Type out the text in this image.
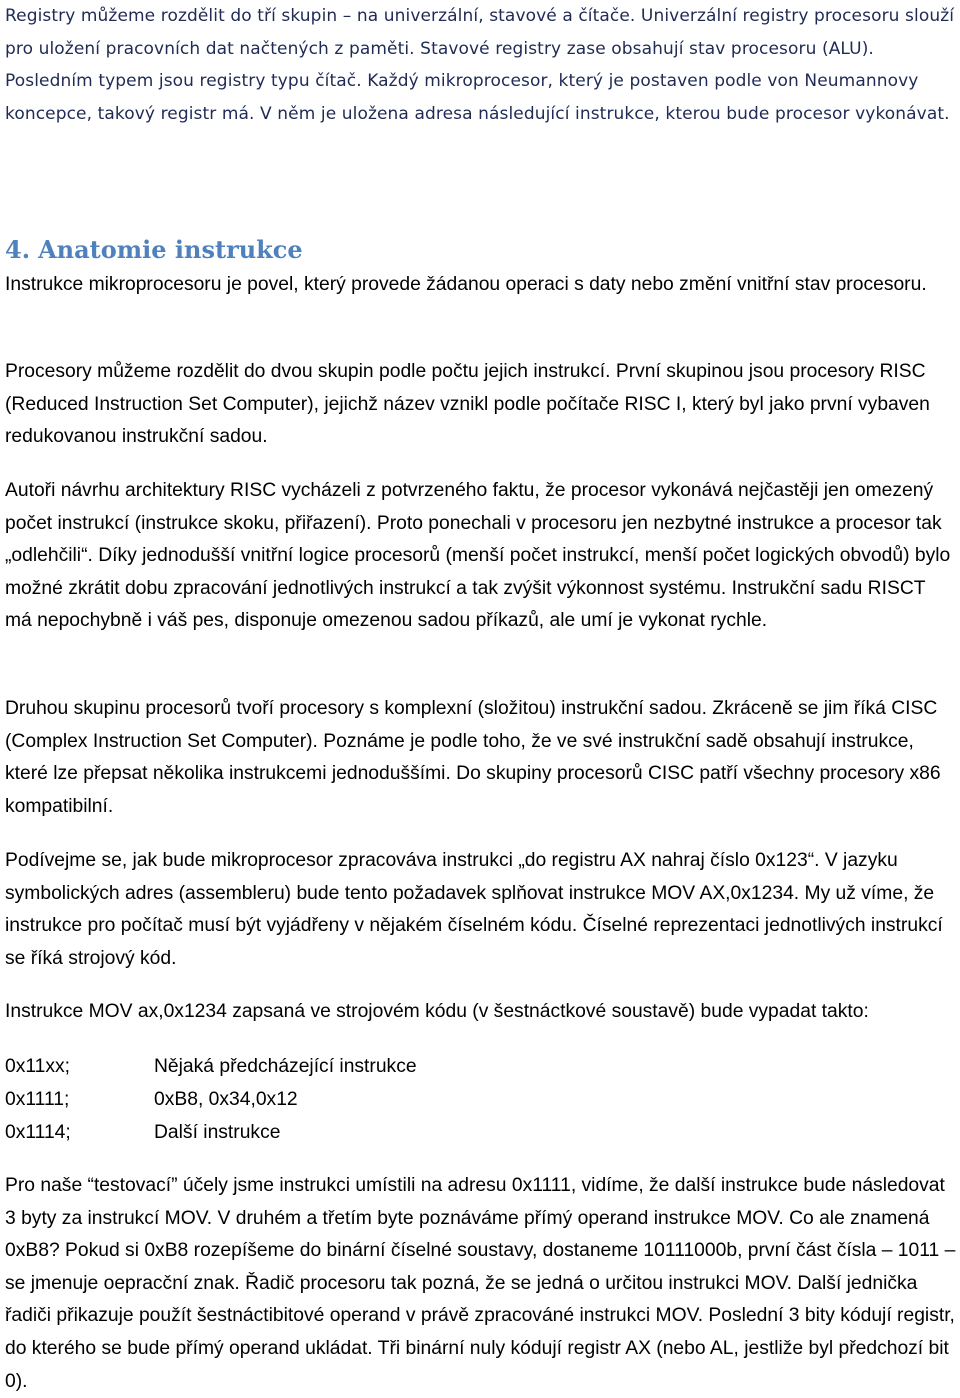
Registry můžeme rozdělit do tří skupin – na univerzální, stavové a čítače. Univerzální registry procesoru slouží pro uložení pracovních dat načtených z paměti. Stavové registry zase obsahují stav procesoru (ALU). Posledním typem jsou registry typu čítač. Každý mikroprocesor, který je postaven podle von Neumannovy koncepce, takový registr má. V něm je uložena adresa následující instrukce, kterou bude procesor vykonávat.

4. Anatomie instrukce

Instrukce mikroprocesoru je povel, který provede žádanou operaci s daty nebo změní vnitřní stav procesoru.

Procesory můžeme rozdělit do dvou skupin podle počtu jejich instrukcí. První skupinou jsou procesory RISC (Reduced Instruction Set Computer), jejichž název vznikl podle počítače RISC I, který byl jako první vybaven redukovanou instrukční sadou.

Autoři návrhu architektury RISC vycházeli z potvrzeného faktu, že procesor vykonává nejčastěji jen omezený počet instrukcí (instrukce skoku, přiřazení). Proto ponechali v procesoru jen nezbytné instrukce a procesor tak „odlehčili“. Díky jednodušší vnitřní logice procesorů (menší počet instrukcí, menší počet logických obvodů) bylo možné zkrátit dobu zpracování jednotlivých instrukcí a tak zvýšit výkonnost systému. Instrukční sadu RISCT má nepochybně i váš pes, disponuje omezenou sadou příkazů, ale umí je vykonat rychle.

Druhou skupinu procesorů tvoří procesory s komplexní (složitou) instrukční sadou. Zkráceně se jim říká CISC (Complex Instruction Set Computer). Poznáme je podle toho, že ve své instrukční sadě obsahují instrukce, které lze přepsat několika instrukcemi jednoduššími. Do skupiny procesorů CISC patří všechny procesory x86 kompatibilní.

Podívejme se, jak bude mikroprocesor zpracováva instrukci „do registru AX nahraj číslo 0x123“. V jazyku symbolických adres (assembleru) bude tento požadavek splňovat instrukce MOV AX,0x1234. My už víme, že instrukce pro počítač musí být vyjádřeny v nějakém číselném kódu. Číselné reprezentaci jednotlivých instrukcí se říká strojový kód.

Instrukce MOV ax,0x1234 zapsaná ve strojovém kódu (v šestnáctkové soustavě) bude vypadat takto:

0x11xx;	Nějaká předcházející instrukce
0x1111;	0xB8, 0x34,0x12
0x1114;	Další instrukce

Pro naše “testovací” účely jsme instrukci umístili na adresu 0x1111, vidíme, že další instrukce bude následovat 3 byty za instrukcí MOV. V druhém a třetím byte poznáváme přímý operand instrukce MOV. Co ale znamená 0xB8? Pokud si 0xB8 rozepíšeme do binární číselné soustavy, dostaneme 10111000b, první část čísla – 1011 – se jmenuje oepracční znak. Řadič procesoru tak pozná, že se jedná o určitou instrukci MOV. Další jednička řadiči přikazuje použít šestnáctibitové operand v právě zpracováné instrukci MOV. Poslední 3 bity kódují registr, do kterého se bude přímý operand ukládat. Tři binární nuly kódují registr AX (nebo AL, jestliže byl předchozí bit 0).
